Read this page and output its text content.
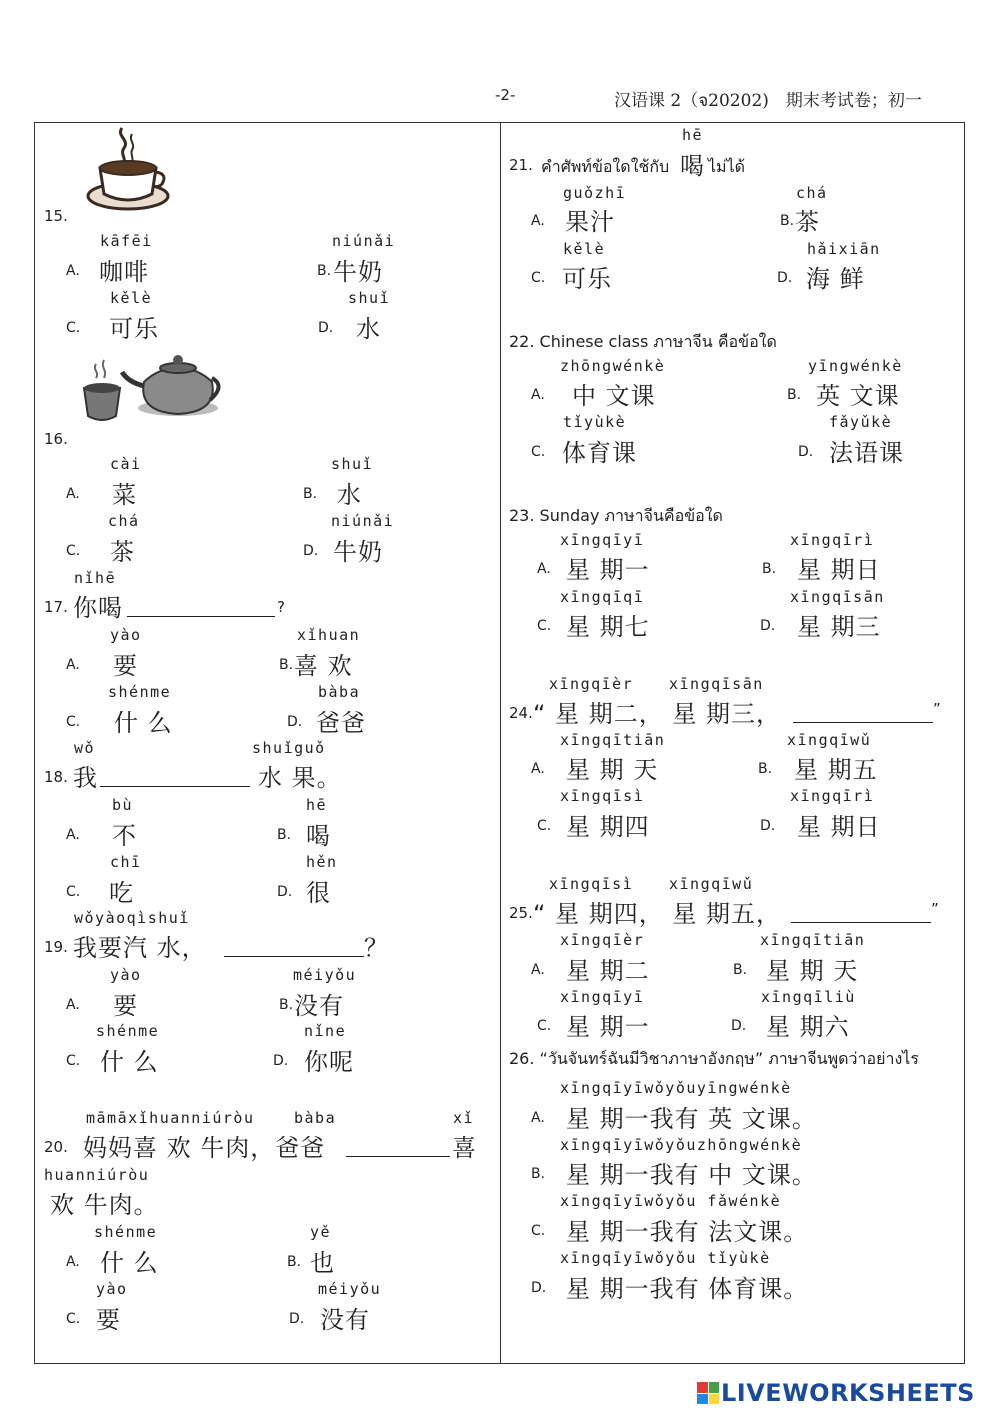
-2-	汉语课 2（จ20202)　期末考试卷；初一
15.
kāfēi	niúnǎi
A. 咖啡	B. 牛奶
kělè	shuǐ
C. 可乐	D. 水
16.
cài	shuǐ
A. 菜	B. 水
chá	niúnǎi
C. 茶	D. 牛奶
nǐhē
17. 你喝	?
yào	xǐhuan
A. 要	B. 喜 欢
shénme	bàba
C. 什 么	D. 爸爸
wǒ	shuǐguǒ
18. 我	水 果。
bù	hē
A. 不	B. 喝
chī	hěn
C. 吃	D. 很
wǒyàoqìshuǐ
19. 我要汽 水，	？
yào	méiyǒu
A. 要	B. 没有
shénme	nǐne
C. 什 么	D. 你呢
māmāxǐhuanniúròu	bàba	xǐ
20. 妈妈喜 欢 牛肉，爸爸	喜
huanniúròu
欢 牛肉。
shénme	yě
A. 什 么	B. 也
yào	méiyǒu
C. 要	D. 没有
hē
21. คำศัพท์ข้อใดใช้กับ 喝 ไม่ได้
guǒzhī	chá
A. 果汁	B. 茶
kělè	hǎixiān
C. 可乐	D. 海 鲜
22. Chinese class ภาษาจีน คือข้อใด
zhōngwénkè	yīngwénkè
A. 中 文课	B. 英 文课
tǐyùkè	fǎyǔkè
C. 体育课	D. 法语课
23. Sunday ภาษาจีนคือข้อใด
xīngqīyī	xīngqīrì
A. 星 期一	B. 星 期日
xīngqīqī	xīngqīsān
C. 星 期七	D. 星 期三
xīngqīèr xīngqīsān
24. “ 星 期二， 星 期三，	”
xīngqītiān	xīngqīwǔ
A. 星 期 天	B. 星 期五
xīngqīsì	xīngqīrì
C. 星 期四	D. 星 期日
xīngqīsì xīngqīwǔ
25. “ 星 期四， 星 期五，	”
xīngqīèr	xīngqītiān
A. 星 期二	B. 星 期 天
xīngqīyī	xīngqīliù
C. 星 期一	D. 星 期六
26. “วันจันทร์ฉันมีวิชาภาษาอังกฤษ” ภาษาจีนพูดว่าอย่างไร
xīngqīyīwǒyǒuyīngwénkè
A. 星 期一我有 英 文课。
xīngqīyīwǒyǒuzhōngwénkè
B. 星 期一我有 中 文课。
xīngqīyīwǒyǒu fǎwénkè
C. 星 期一我有 法文课。
xīngqīyīwǒyǒu tǐyùkè
D. 星 期一我有 体育课。
LIVEWORKSHEETS
